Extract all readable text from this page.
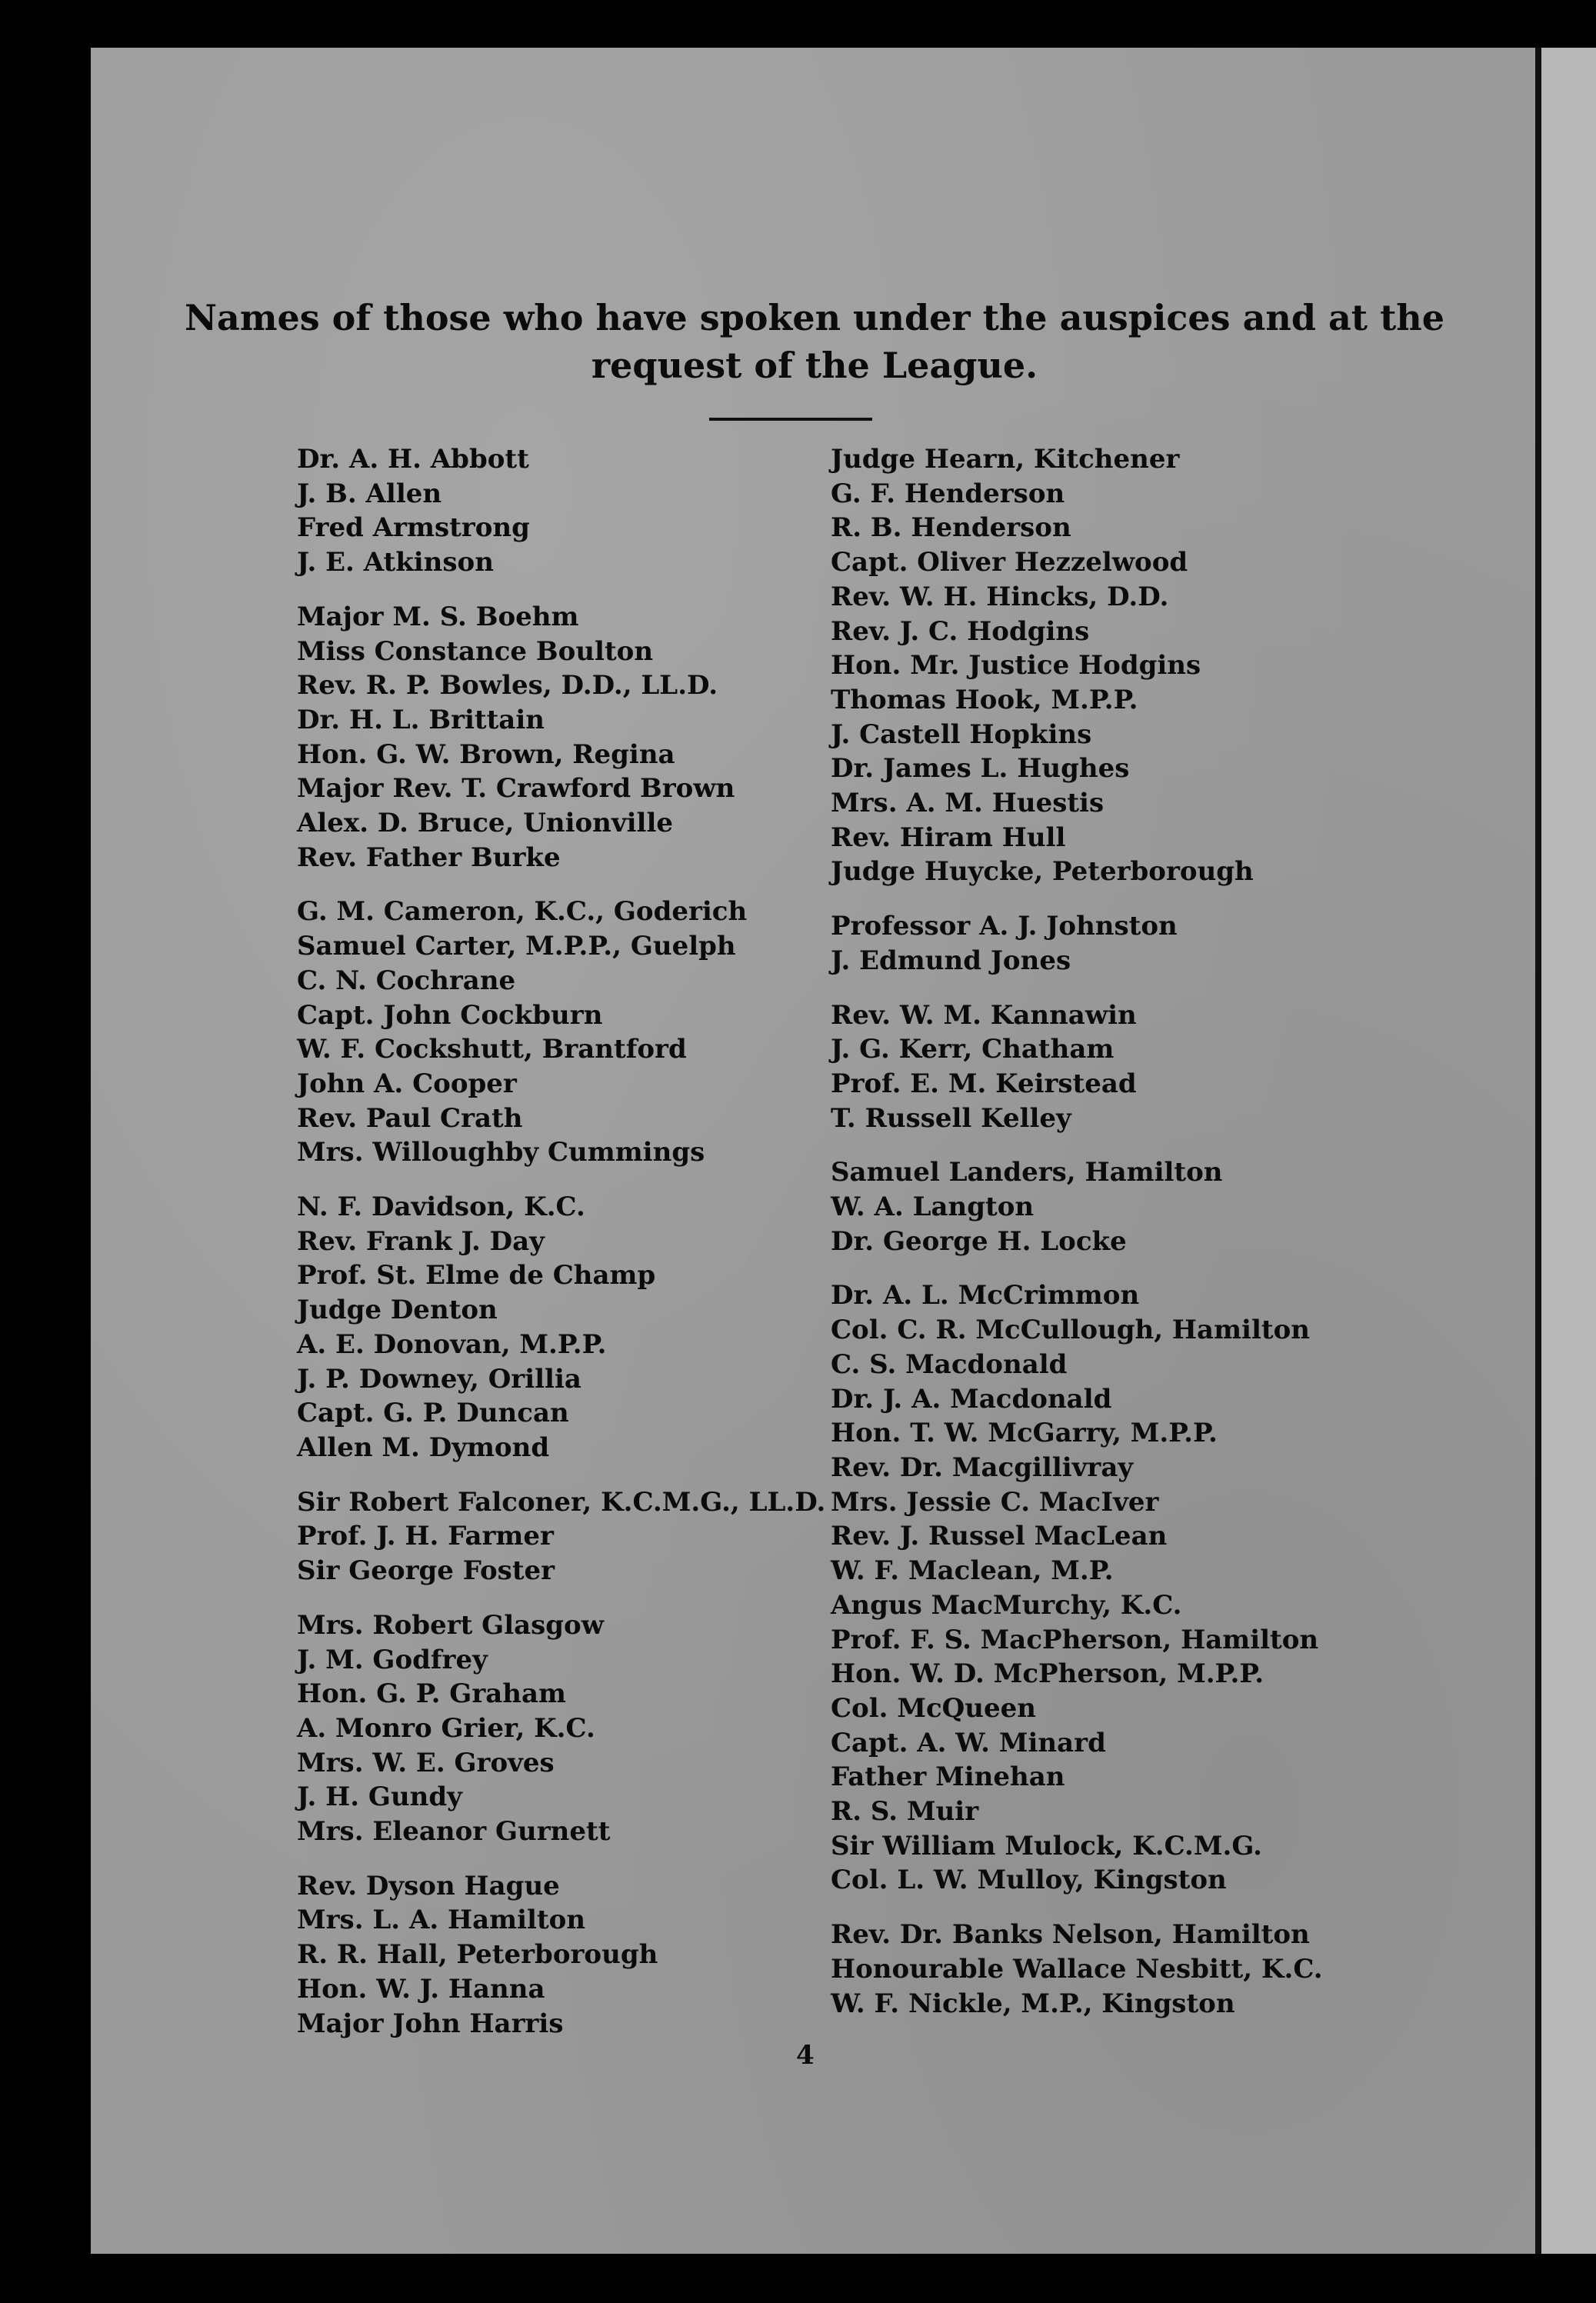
Names of those who have spoken under the auspices and at the
request of the League.
Dr. A. H. Abbott
J. B. Allen
Fred Armstrong
J. E. Atkinson
Major M. S. Boehm
Miss Constance Boulton
Rev. R. P. Bowles, D.D., LL.D.
Dr. H. L. Brittain
Hon. G. W. Brown, Regina
Major Rev. T. Crawford Brown
Alex. D. Bruce, Unionville
Rev. Father Burke
G. M. Cameron, K.C., Goderich
Samuel Carter, M.P.P., Guelph
C. N. Cochrane
Capt. John Cockburn
W. F. Cockshutt, Brantford
John A. Cooper
Rev. Paul Crath
Mrs. Willoughby Cummings
N. F. Davidson, K.C.
Rev. Frank J. Day
Prof. St. Elme de Champ
Judge Denton
A. E. Donovan, M.P.P.
J. P. Downey, Orillia
Capt. G. P. Duncan
Allen M. Dymond
Sir Robert Falconer, K.C.M.G., LL.D.
Prof. J. H. Farmer
Sir George Foster
Mrs. Robert Glasgow
J. M. Godfrey
Hon. G. P. Graham
A. Monro Grier, K.C.
Mrs. W. E. Groves
J. H. Gundy
Mrs. Eleanor Gurnett
Rev. Dyson Hague
Mrs. L. A. Hamilton
R. R. Hall, Peterborough
Hon. W. J. Hanna
Major John Harris
Judge Hearn, Kitchener
G. F. Henderson
R. B. Henderson
Capt. Oliver Hezzelwood
Rev. W. H. Hincks, D.D.
Rev. J. C. Hodgins
Hon. Mr. Justice Hodgins
Thomas Hook, M.P.P.
J. Castell Hopkins
Dr. James L. Hughes
Mrs. A. M. Huestis
Rev. Hiram Hull
Judge Huycke, Peterborough
Professor A. J. Johnston
J. Edmund Jones
Rev. W. M. Kannawin
J. G. Kerr, Chatham
Prof. E. M. Keirstead
T. Russell Kelley
Samuel Landers, Hamilton
W. A. Langton
Dr. George H. Locke
Dr. A. L. McCrimmon
Col. C. R. McCullough, Hamilton
C. S. Macdonald
Dr. J. A. Macdonald
Hon. T. W. McGarry, M.P.P.
Rev. Dr. Macgillivray
Mrs. Jessie C. MacIver
Rev. J. Russel MacLean
W. F. Maclean, M.P.
Angus MacMurchy, K.C.
Prof. F. S. MacPherson, Hamilton
Hon. W. D. McPherson, M.P.P.
Col. McQueen
Capt. A. W. Minard
Father Minehan
R. S. Muir
Sir William Mulock, K.C.M.G.
Col. L. W. Mulloy, Kingston
Rev. Dr. Banks Nelson, Hamilton
Honourable Wallace Nesbitt, K.C.
W. F. Nickle, M.P., Kingston
4
